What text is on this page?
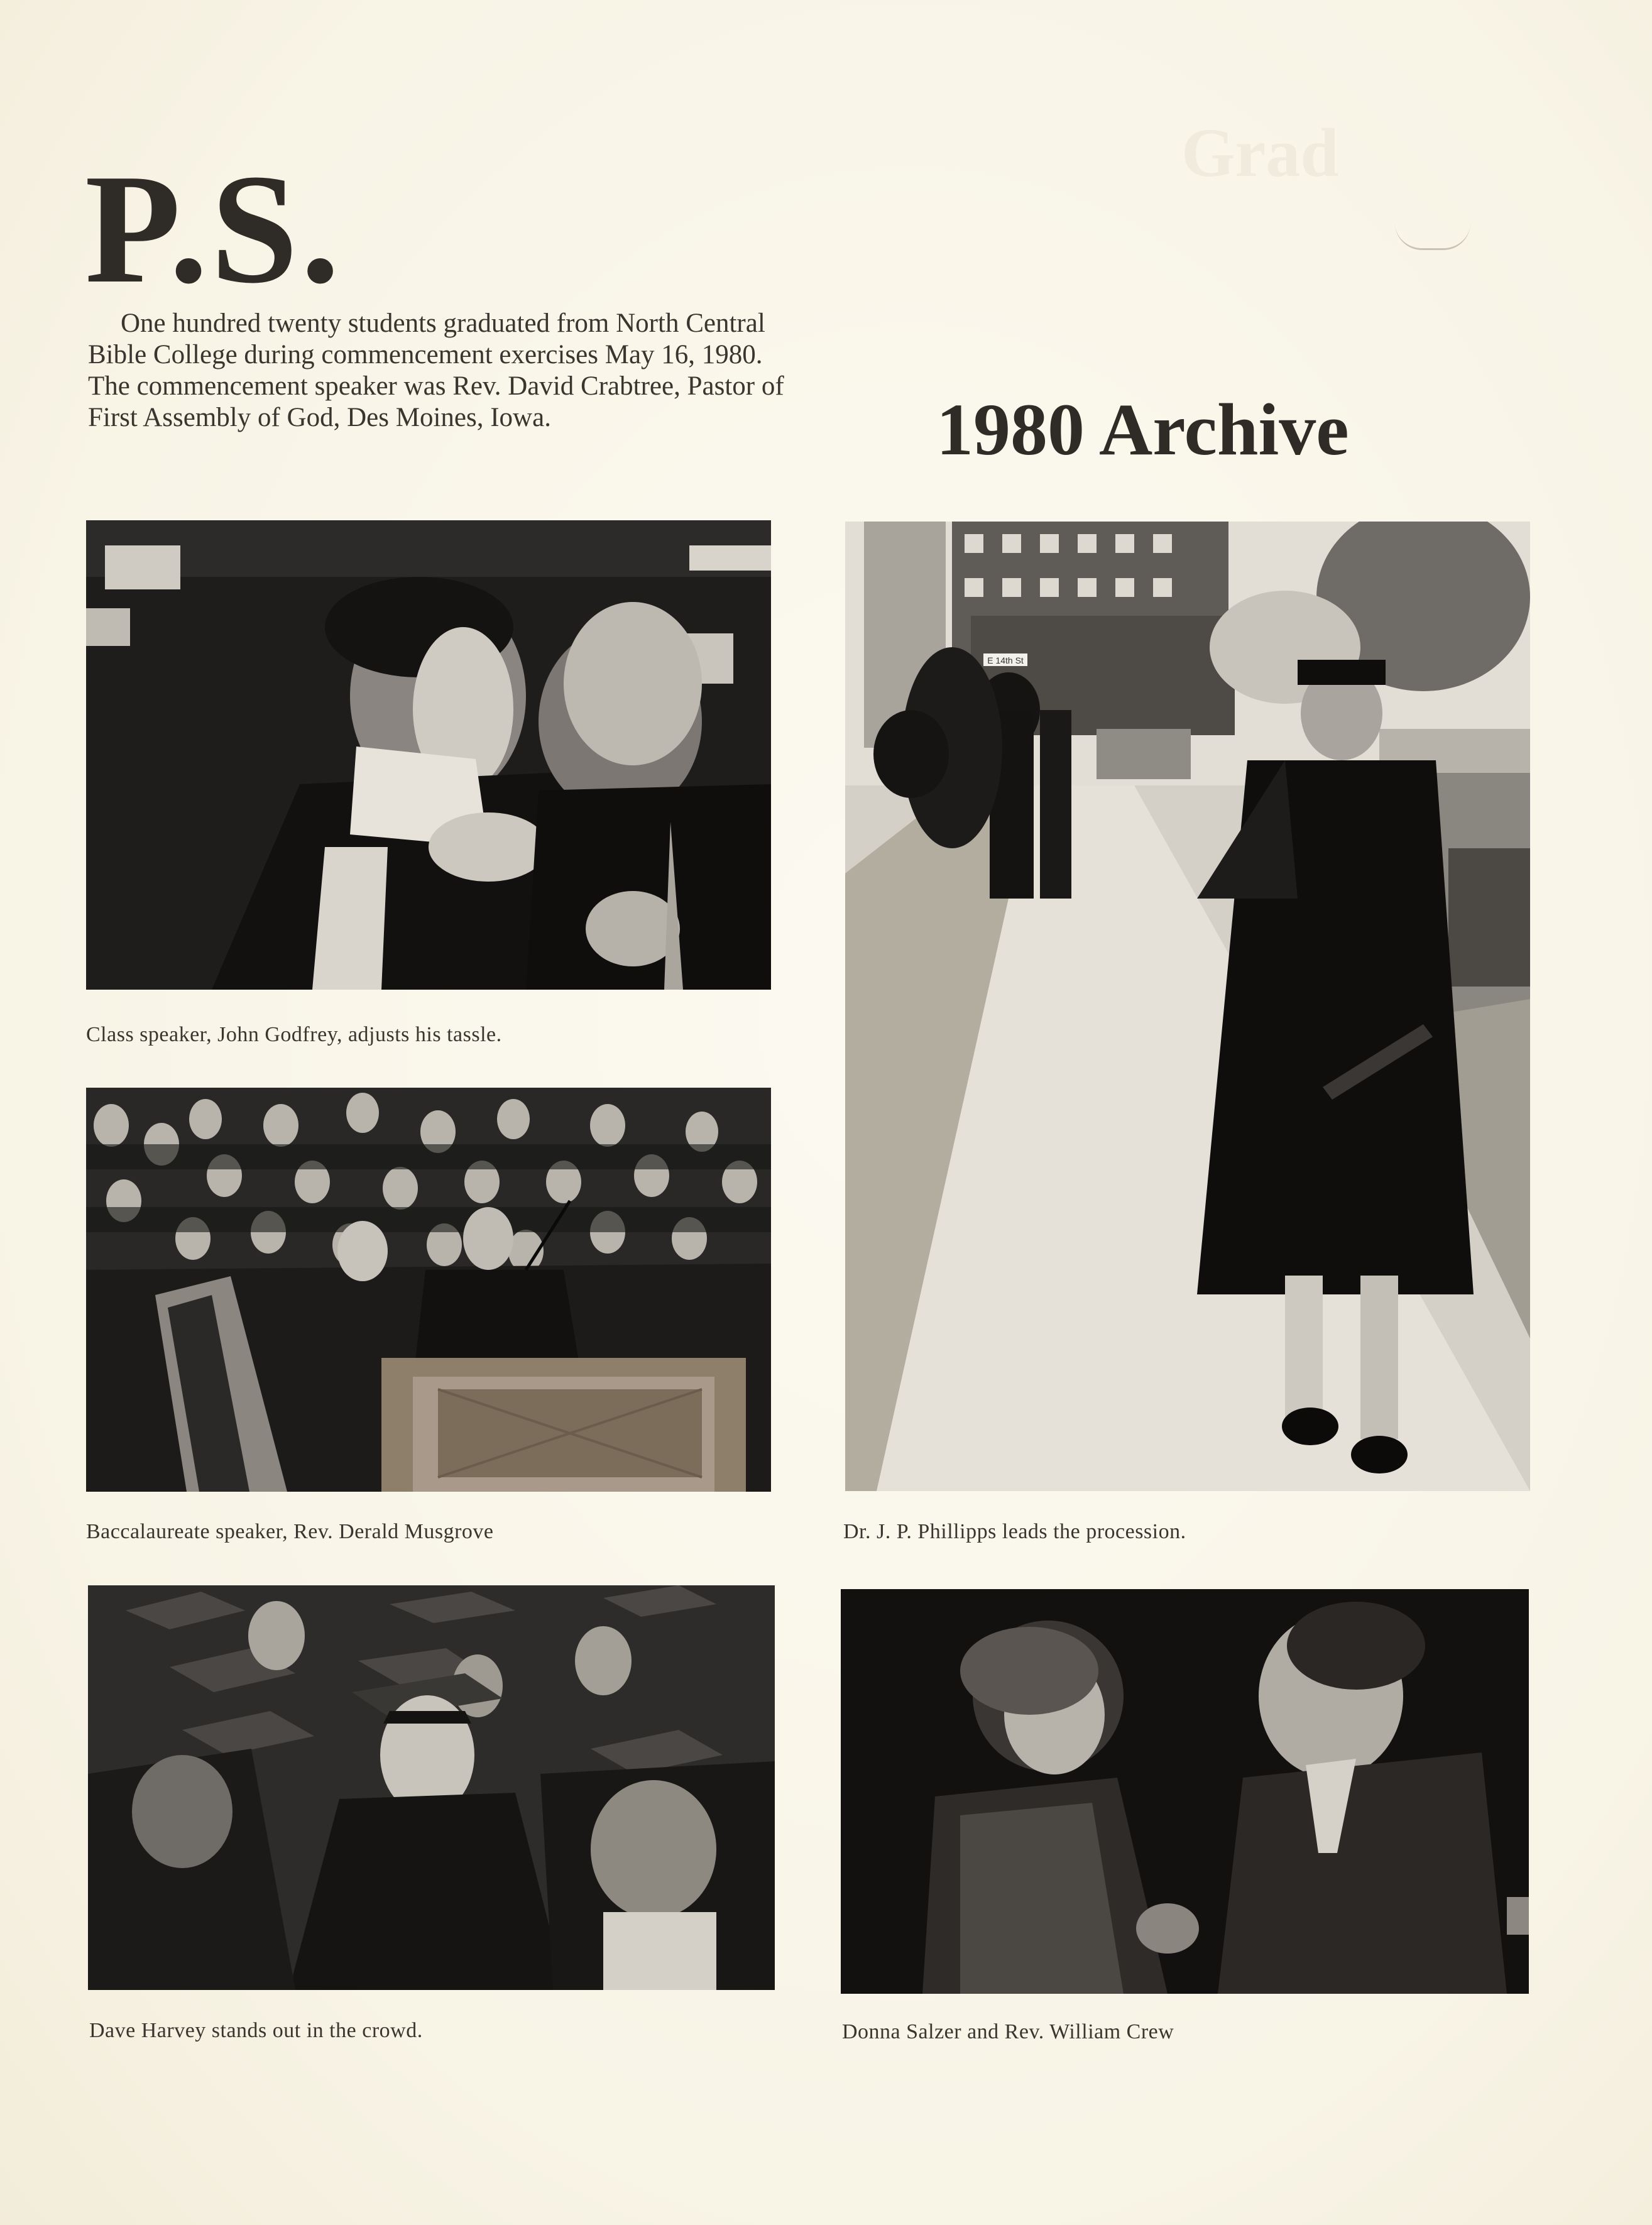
Grad
P.S.

One hundred twenty students graduated from North Central Bible College during commencement exercises May 16, 1980. The commencement speaker was Rev. David Crabtree, Pastor of First Assembly of God, Des Moines, Iowa.	1980 Archive
Class speaker, John Godfrey, adjusts his tassle.
E 14th St
Dr. J. P. Phillipps leads the procession.
Baccalaureate speaker, Rev. Derald Musgrove
Dave Harvey stands out in the crowd.	Donna Salzer and Rev. William Crew
